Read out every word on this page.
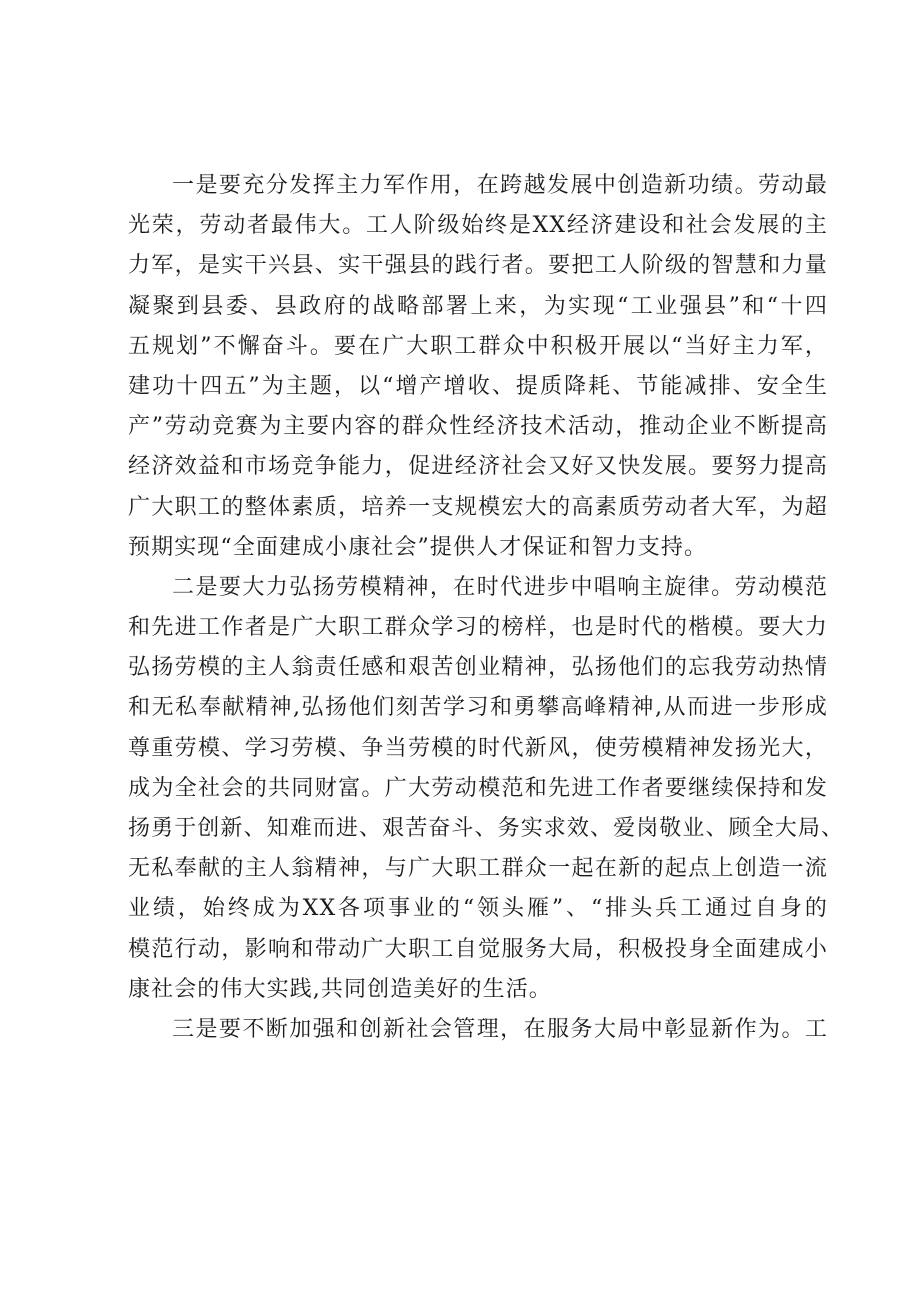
一是要充分发挥主力军作用，在跨越发展中创造新功绩。劳动最
光荣，劳动者最伟大。工人阶级始终是XX经济建设和社会发展的主
力军，是实干兴县、实干强县的践行者。要把工人阶级的智慧和力量
凝聚到县委、县政府的战略部署上来，为实现“工业强县”和“十四
五规划”不懈奋斗。要在广大职工群众中积极开展以“当好主力军，
建功十四五”为主题，以“增产增收、提质降耗、节能减排、安全生
产”劳动竞赛为主要内容的群众性经济技术活动，推动企业不断提高
经济效益和市场竞争能力，促进经济社会又好又快发展。要努力提高
广大职工的整体素质，培养一支规模宏大的高素质劳动者大军，为超
预期实现“全面建成小康社会”提供人才保证和智力支持。
二是要大力弘扬劳模精神，在时代进步中唱响主旋律。劳动模范
和先进工作者是广大职工群众学习的榜样，也是时代的楷模。要大力
弘扬劳模的主人翁责任感和艰苦创业精神，弘扬他们的忘我劳动热情
和无私奉献精神,弘扬他们刻苦学习和勇攀高峰精神,从而进一步形成
尊重劳模、学习劳模、争当劳模的时代新风，使劳模精神发扬光大，
成为全社会的共同财富。广大劳动模范和先进工作者要继续保持和发
扬勇于创新、知难而进、艰苦奋斗、务实求效、爱岗敬业、顾全大局、
无私奉献的主人翁精神，与广大职工群众一起在新的起点上创造一流
业绩，始终成为XX各项事业的“领头雁”、“排头兵工通过自身的
模范行动，影响和带动广大职工自觉服务大局，积极投身全面建成小
康社会的伟大实践,共同创造美好的生活。
三是要不断加强和创新社会管理，在服务大局中彰显新作为。工
